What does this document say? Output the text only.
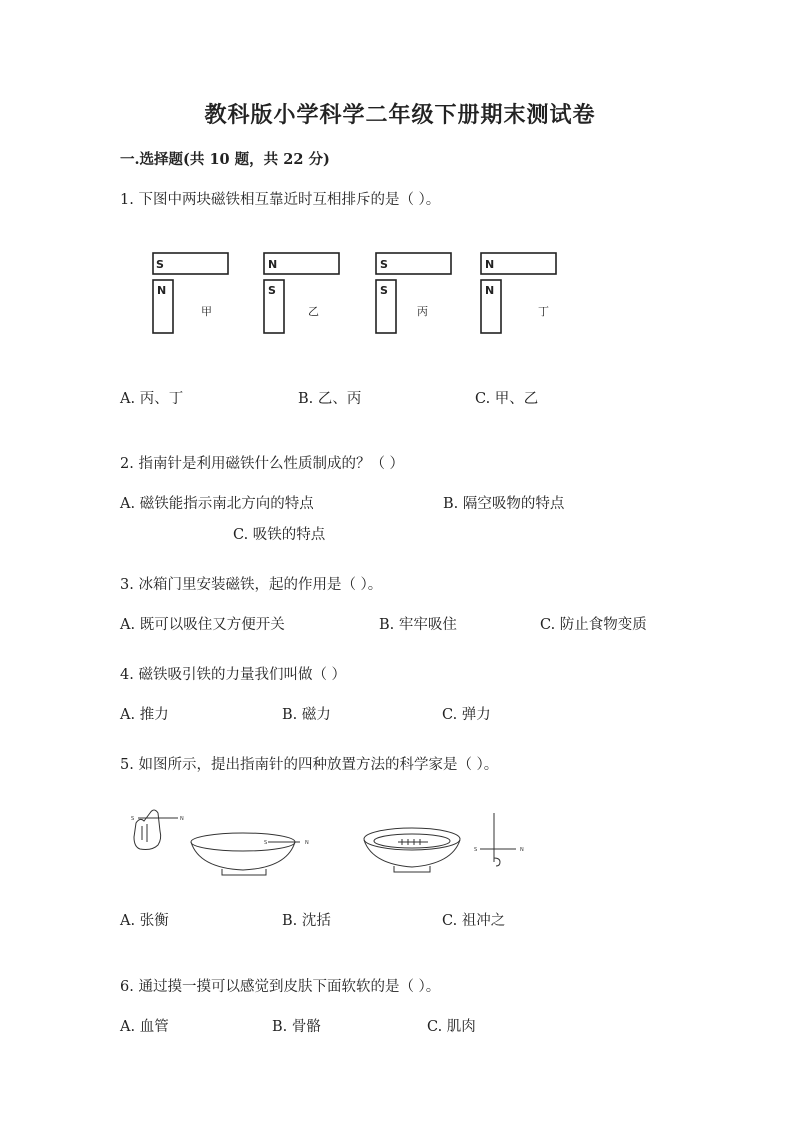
教科版小学科学二年级下册期末测试卷
一.选择题(共 10 题，共 22 分)
1. 下图中两块磁铁相互靠近时互相排斥的是（ ）。
S
N
甲
N
S
乙
S
S
丙
N
N
丁
S	N
S	N
S	N
A. 丙、丁	B. 乙、丙	C. 甲、乙
2. 指南针是利用磁铁什么性质制成的？（ ）
A. 磁铁能指示南北方向的特点	B. 隔空吸物的特点
C. 吸铁的特点
3. 冰箱门里安装磁铁，起的作用是（ ）。
A. 既可以吸住又方便开关	B. 牢牢吸住	C. 防止食物变质
4. 磁铁吸引铁的力量我们叫做（ ）
A. 推力	B. 磁力	C. 弹力
5. 如图所示，提出指南针的四种放置方法的科学家是（ ）。
A. 张衡	B. 沈括	C. 祖冲之
6. 通过摸一摸可以感觉到皮肤下面软软的是（ ）。
A. 血管	B. 骨骼	C. 肌肉
